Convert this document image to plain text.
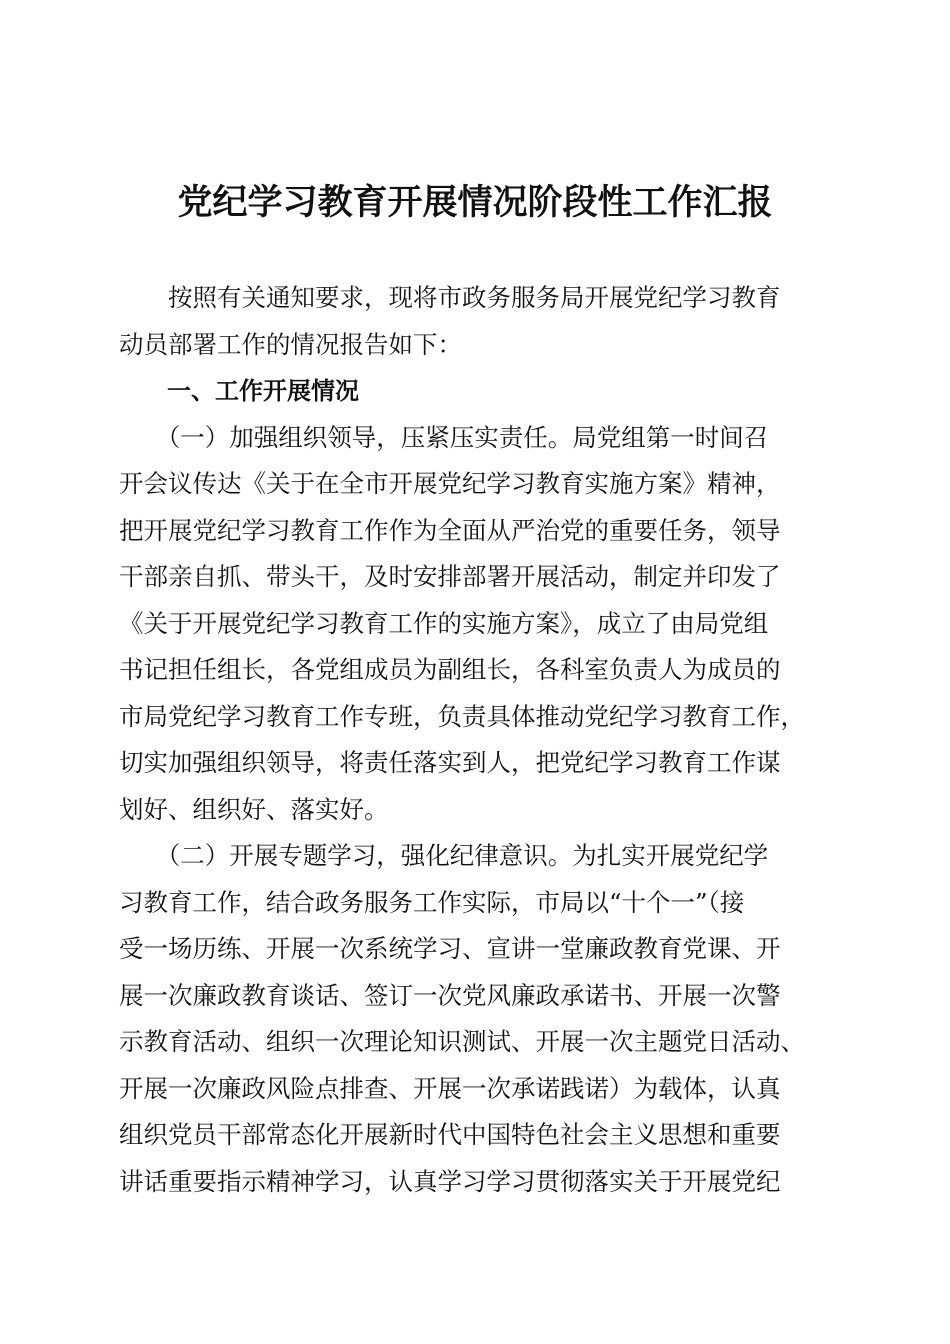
党纪学习教育开展情况阶段性工作汇报
　　按照有关通知要求，现将市政务服务局开展党纪学习教育
动员部署工作的情况报告如下：
　　一、工作开展情况
　　（一）加强组织领导，压紧压实责任。局党组第一时间召
开会议传达《关于在全市开展党纪学习教育实施方案》精神，
把开展党纪学习教育工作作为全面从严治党的重要任务，领导
干部亲自抓、带头干，及时安排部署开展活动，制定并印发了
《关于开展党纪学习教育工作的实施方案》，成立了由局党组
书记担任组长，各党组成员为副组长，各科室负责人为成员的
市局党纪学习教育工作专班，负责具体推动党纪学习教育工作，
切实加强组织领导，将责任落实到人，把党纪学习教育工作谋
划好、组织好、落实好。
　　（二）开展专题学习，强化纪律意识。为扎实开展党纪学
习教育工作，结合政务服务工作实际，市局以“十个一”（接
受一场历练、开展一次系统学习、宣讲一堂廉政教育党课、开
展一次廉政教育谈话、签订一次党风廉政承诺书、开展一次警
示教育活动、组织一次理论知识测试、开展一次主题党日活动、
开展一次廉政风险点排查、开展一次承诺践诺）为载体，认真
组织党员干部常态化开展新时代中国特色社会主义思想和重要
讲话重要指示精神学习，认真学习学习贯彻落实关于开展党纪
